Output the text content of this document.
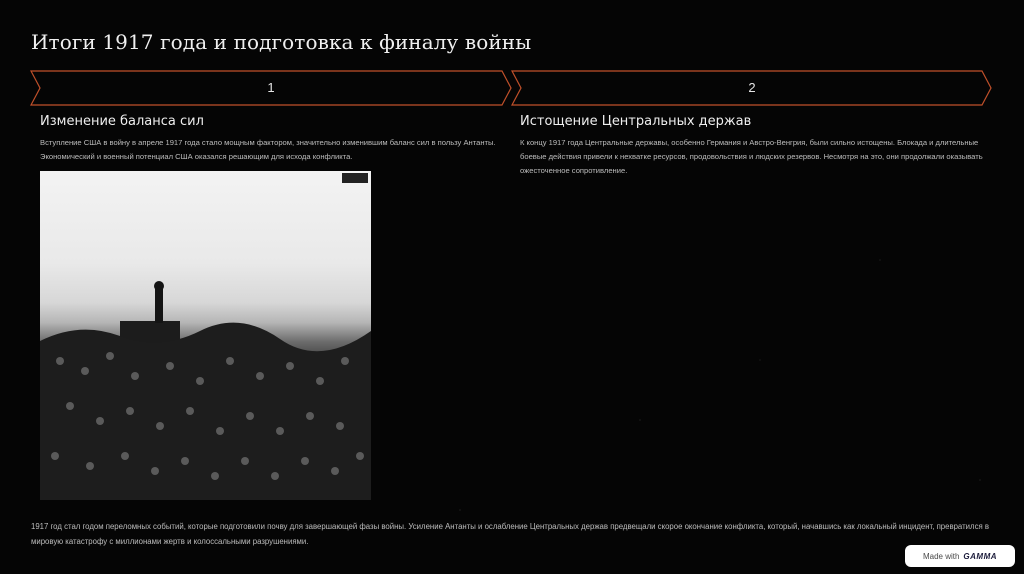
Итоги 1917 года и подготовка к финалу войны
1	2
Изменение баланса сил
Вступление США в войну в апреле 1917 года стало мощным фактором, значительно изменившим баланс сил в пользу Антанты. Экономический и военный потенциал США оказался решающим для исхода конфликта.
Истощение Центральных держав
К концу 1917 года Центральные державы, особенно Германия и Австро-Венгрия, были сильно истощены. Блокада и длительные боевые действия привели к нехватке ресурсов, продовольствия и людских резервов. Несмотря на это, они продолжали оказывать ожесточенное сопротивление.
1917 год стал годом переломных событий, которые подготовили почву для завершающей фазы войны. Усиление Антанты и ослабление Центральных держав предвещали скорое окончание конфликта, который, начавшись как локальный инцидент, превратился в мировую катастрофу с миллионами жертв и колоссальными разрушениями.
Made with GAMMA
